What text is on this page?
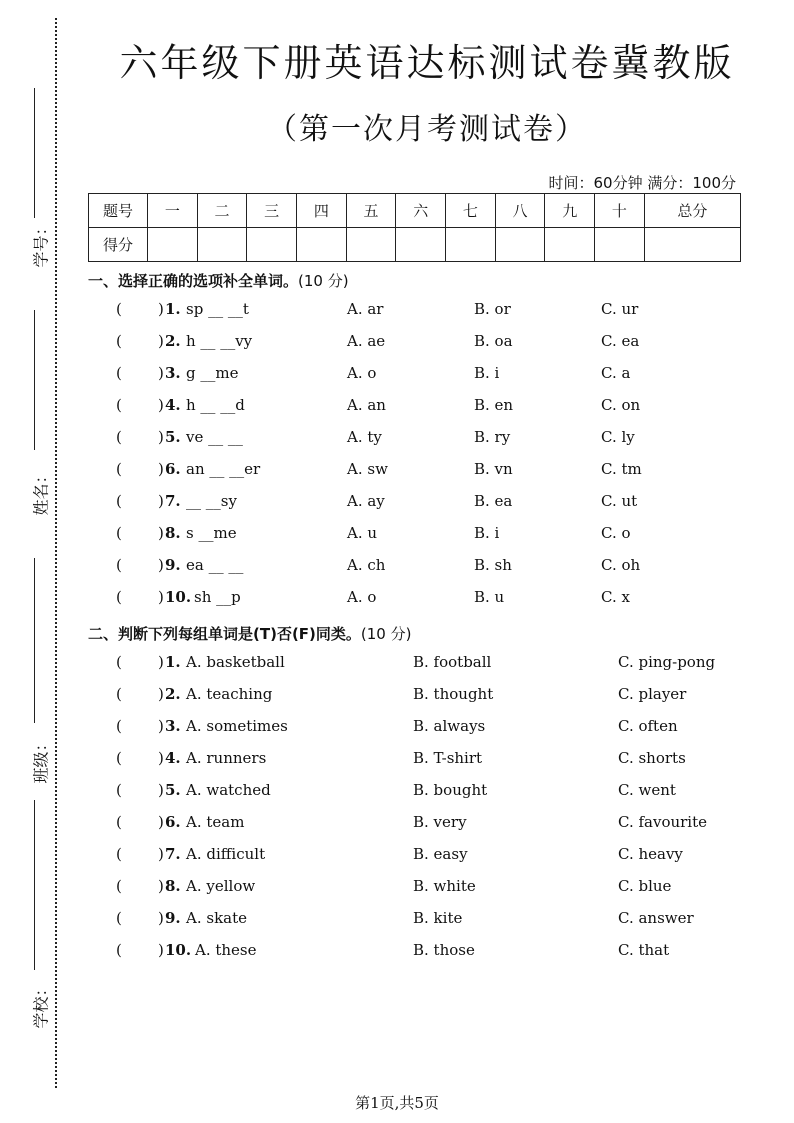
学号：
姓名：
班级：
学校：
六年级下册英语达标测试卷冀教版
（第一次月考测试卷）
时间：60分钟 满分：100分
题号	一	二	三	四	五	六	七	八	九	十	总分
得分											
一、选择正确的选项补全单词。(10 分)
( ) 1. sp __ __t	A. ar	B. or	C. ur
( ) 2. h __ __vy	A. ae	B. oa	C. ea
( ) 3. g __me	A. o	B. i	C. a
( ) 4. h __ __d	A. an	B. en	C. on
( ) 5. ve __ __	A. ty	B. ry	C. ly
( ) 6. an __ __er	A. sw	B. vn	C. tm
( ) 7. __ __sy	A. ay	B. ea	C. ut
( ) 8. s __me	A. u	B. i	C. o
( ) 9. ea __ __	A. ch	B. sh	C. oh
( ) 10. sh __p	A. o	B. u	C. x
二、判断下列每组单词是(T)否(F)同类。(10 分)
( ) 1. A. basketball	B. football	C. ping-pong
( ) 2. A. teaching	B. thought	C. player
( ) 3. A. sometimes	B. always	C. often
( ) 4. A. runners	B. T-shirt	C. shorts
( ) 5. A. watched	B. bought	C. went
( ) 6. A. team	B. very	C. favourite
( ) 7. A. difficult	B. easy	C. heavy
( ) 8. A. yellow	B. white	C. blue
( ) 9. A. skate	B. kite	C. answer
( ) 10. A. these	B. those	C. that
第1页,共5页
